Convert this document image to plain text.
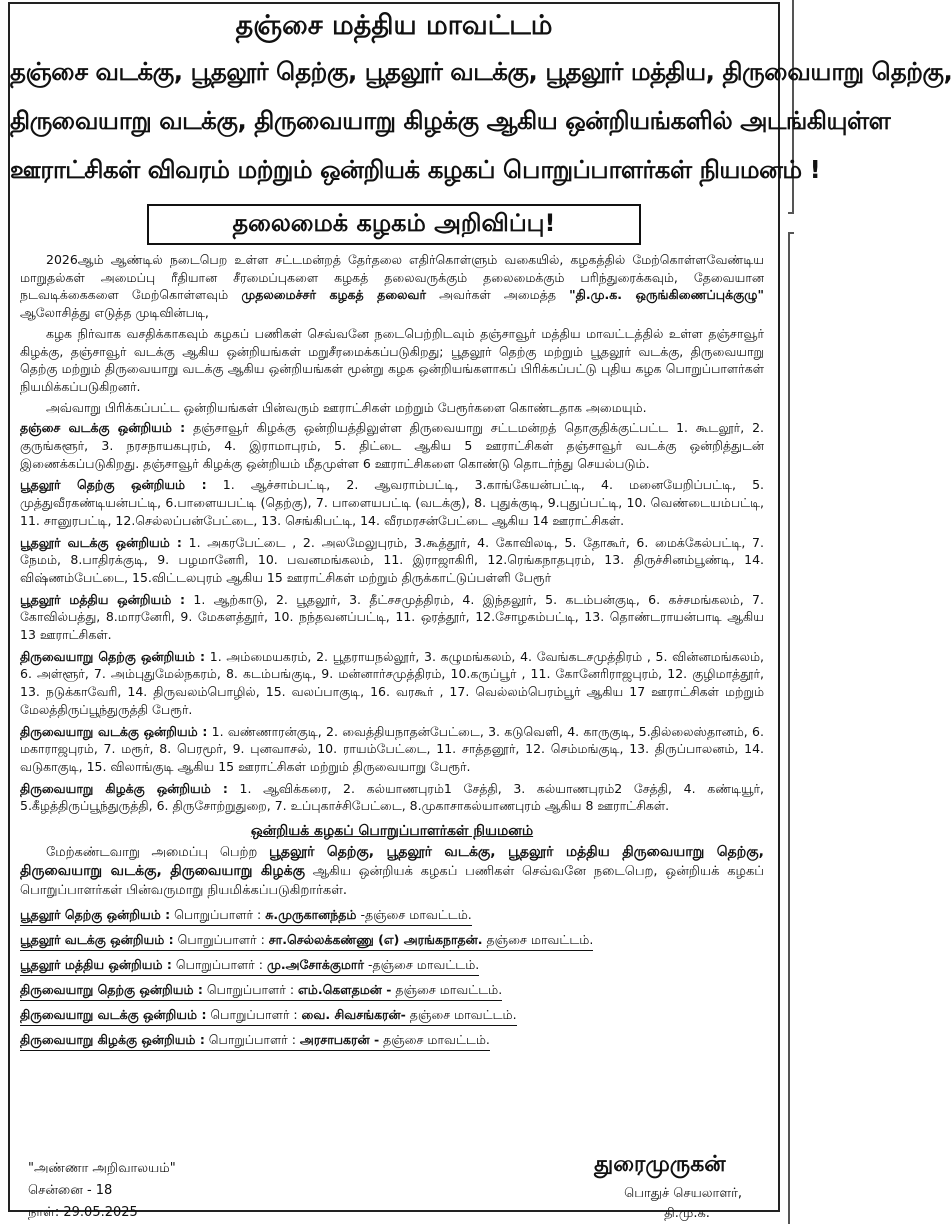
தஞ்சை மத்திய மாவட்டம்
தஞ்சை வடக்கு, பூதலூர் தெற்கு, பூதலூர் வடக்கு, பூதலூர் மத்திய, திருவையாறு தெற்கு,
திருவையாறு வடக்கு, திருவையாறு கிழக்கு ஆகிய ஒன்றியங்களில் அடங்கியுள்ள
ஊராட்சிகள் விவரம் மற்றும் ஒன்றியக் கழகப் பொறுப்பாளர்கள் நியமனம் !
தலைமைக் கழகம் அறிவிப்பு!

2026ஆம் ஆண்டில் நடைபெற உள்ள சட்டமன்றத் தேர்தலை எதிர்கொள்ளும் வகையில், கழகத்தில் மேற்கொள்ளவேண்டிய மாறுதல்கள் அமைப்பு ரீதியான சீரமைப்புகளை கழகத் தலைவருக்கும் தலைமைக்கும் பரிந்துரைக்கவும், தேவையான நடவடிக்கைகளை மேற்கொள்ளவும் முதலமைச்சர் கழகத் தலைவர் அவர்கள் அமைத்த "தி.மு.க. ஒருங்கிணைப்புக்குழு" ஆலோசித்து எடுத்த முடிவின்படி,

கழக நிர்வாக வசதிக்காகவும் கழகப் பணிகள் செவ்வனே நடைபெற்றிடவும் தஞ்சாவூர் மத்திய மாவட்டத்தில் உள்ள தஞ்சாவூர் கிழக்கு, தஞ்சாவூர் வடக்கு ஆகிய ஒன்றியங்கள் மறுசீரமைக்கப்படுகிறது; பூதலூர் தெற்கு மற்றும் பூதலூர் வடக்கு, திருவையாறு தெற்கு மற்றும் திருவையாறு வடக்கு ஆகிய ஒன்றியங்கள் மூன்று கழக ஒன்றியங்களாகப் பிரிக்கப்பட்டு புதிய கழக பொறுப்பாளர்கள் நியமிக்கப்படுகிறனர்.

அவ்வாறு பிரிக்கப்பட்ட ஒன்றியங்கள் பின்வரும் ஊராட்சிகள் மற்றும் பேரூர்களை கொண்டதாக அமையும்.

தஞ்சை வடக்கு ஒன்றியம் : தஞ்சாவூர் கிழக்கு ஒன்றியத்திலுள்ள திருவையாறு சட்டமன்றத் தொகுதிக்குட்பட்ட 1. கூடலூர், 2. குருங்களூர், 3. நரசநாயகபுரம், 4. இராமாபுரம், 5. திட்டை ஆகிய 5 ஊராட்சிகள் தஞ்சாவூர் வடக்கு ஒன்றித்துடன் இணைக்கப்படுகிறது. தஞ்சாவூர் கிழக்கு ஒன்றியம் மீதமுள்ள 6 ஊராட்சிகளை கொண்டு தொடர்ந்து செயல்படும்.
பூதலூர் தெற்கு ஒன்றியம் : 1. ஆச்சாம்பட்டி, 2. ஆவராம்பட்டி, 3.காங்கேயன்பட்டி, 4. மனையேறிப்பட்டி, 5. முத்துவீரகண்டியன்பட்டி, 6.பாளையபட்டி (தெற்கு), 7. பாளையபட்டி (வடக்கு), 8. புதுக்குடி, 9.புதுப்பட்டி, 10. வெண்டையம்பட்டி, 11. சானுரபட்டி, 12.செல்லப்பன்பேட்டை, 13. செங்கிபட்டி, 14. வீரமரசன்பேட்டை ஆகிய 14 ஊராட்சிகள்.
பூதலூர் வடக்கு ஒன்றியம் : 1. அகரபேட்டை , 2. அலமேலுபுரம், 3.கூத்தூர், 4. கோவிலடி, 5. தோகூர், 6. மைக்கேல்பட்டி, 7. நேமம், 8.பாதிரக்குடி, 9. பழமானேரி, 10. பவனமங்கலம், 11. இராஜாகிரி, 12.ரெங்கநாதபுரம், 13. திருச்சினம்பூண்டி, 14. விஷ்ணம்பேட்டை, 15.விட்டலபுரம் ஆகிய 15 ஊராட்சிகள் மற்றும் திருக்காட்டுப்பள்ளி பேரூர்
பூதலூர் மத்திய ஒன்றியம் : 1. ஆற்காடு, 2. பூதலூர், 3. தீட்சசமுத்திரம், 4. இந்தலூர், 5. கடம்பன்குடி, 6. கச்சமங்கலம், 7. கோவில்பத்து, 8.மாரனேரி, 9. மேகளத்தூர், 10. நந்தவனப்பட்டி, 11. ஒரத்தூர், 12.சோழகம்பட்டி, 13. தொண்டராயன்பாடி ஆகிய 13 ஊராட்சிகள்.
திருவையாறு தெற்கு ஒன்றியம் : 1. அம்மையகரம், 2. பூதராயநல்லூர், 3. கழுமங்கலம், 4. வேங்கடசமுத்திரம் , 5. வின்னமங்கலம், 6. அள்ளூர், 7. அம்புதுமேல்நகரம், 8. கடம்பங்குடி, 9. மன்னார்சமுத்திரம், 10.கருப்பூர் , 11. கோனேரிராஜபுரம், 12. குழிமாத்தூர், 13. நடுக்காவேரி, 14. திருவலம்பொழில், 15. வலப்பாகுடி, 16. வரகூர் , 17. வெல்லம்பெரம்பூர் ஆகிய 17 ஊராட்சிகள் மற்றும் மேலத்திருப்பூந்துருத்தி பேரூர்.
திருவையாறு வடக்கு ஒன்றியம் : 1. வண்ணாரன்குடி, 2. வைத்தியநாதன்பேட்டை, 3. கடுவெளி, 4. காருகுடி, 5.தில்லைஸ்தானம், 6. மகாராஜபுரம், 7. மரூர், 8. பெரமூர், 9. புனவாசல், 10. ராயம்பேட்டை, 11. சாத்தனூர், 12. செம்மங்குடி, 13. திருப்பாலனம், 14. வடுகாகுடி, 15. விலாங்குடி ஆகிய 15 ஊராட்சிகள் மற்றும் திருவையாறு பேரூர்.
திருவையாறு கிழக்கு ஒன்றியம் : 1. ஆவிக்கரை, 2. கல்யாணபுரம்1 சேத்தி, 3. கல்யாணபுரம்2 சேத்தி, 4. கண்டியூர், 5.கீழத்திருப்பூந்துருத்தி, 6. திருசோற்றுதுறை, 7. உப்புகாச்சிபேட்டை, 8.முகாசாகல்யாணபுரம் ஆகிய 8 ஊராட்சிகள்.
ஒன்றியக் கழகப் பொறுப்பாளர்கள் நியமனம்

மேற்கண்டவாறு அமைப்பு பெற்ற பூதலூர் தெற்கு, பூதலூர் வடக்கு, பூதலூர் மத்திய திருவையாறு தெற்கு, திருவையாறு வடக்கு, திருவையாறு கிழக்கு ஆகிய ஒன்றியக் கழகப் பணிகள் செவ்வனே நடைபெற, ஒன்றியக் கழகப் பொறுப்பாளர்கள் பின்வருமாறு நியமிக்கப்படுகிறார்கள்.

பூதலூர் தெற்கு ஒன்றியம் : பொறுப்பாளர் : சு.முருகானந்தம் -தஞ்சை மாவட்டம்.
பூதலூர் வடக்கு ஒன்றியம் : பொறுப்பாளர் : சா.செல்லக்கண்ணு (எ) அரங்கநாதன். தஞ்சை மாவட்டம்.
பூதலூர் மத்திய ஒன்றியம் : பொறுப்பாளர் : மு.அசோக்குமார் -தஞ்சை மாவட்டம்.
திருவையாறு தெற்கு ஒன்றியம் : பொறுப்பாளர் : எம்.கௌதமன் - தஞ்சை மாவட்டம்.
திருவையாறு வடக்கு ஒன்றியம் : பொறுப்பாளர் : வை. சிவசங்கரன்- தஞ்சை மாவட்டம்.
திருவையாறு கிழக்கு ஒன்றியம் : பொறுப்பாளர் : அரசாபகரன் - தஞ்சை மாவட்டம்.
"அண்ணா அறிவாலயம்"
சென்னை - 18
நாள்: 29.05.2025
துரைமுருகன்
பொதுச் செயலாளர்,
தி.மு.க.
